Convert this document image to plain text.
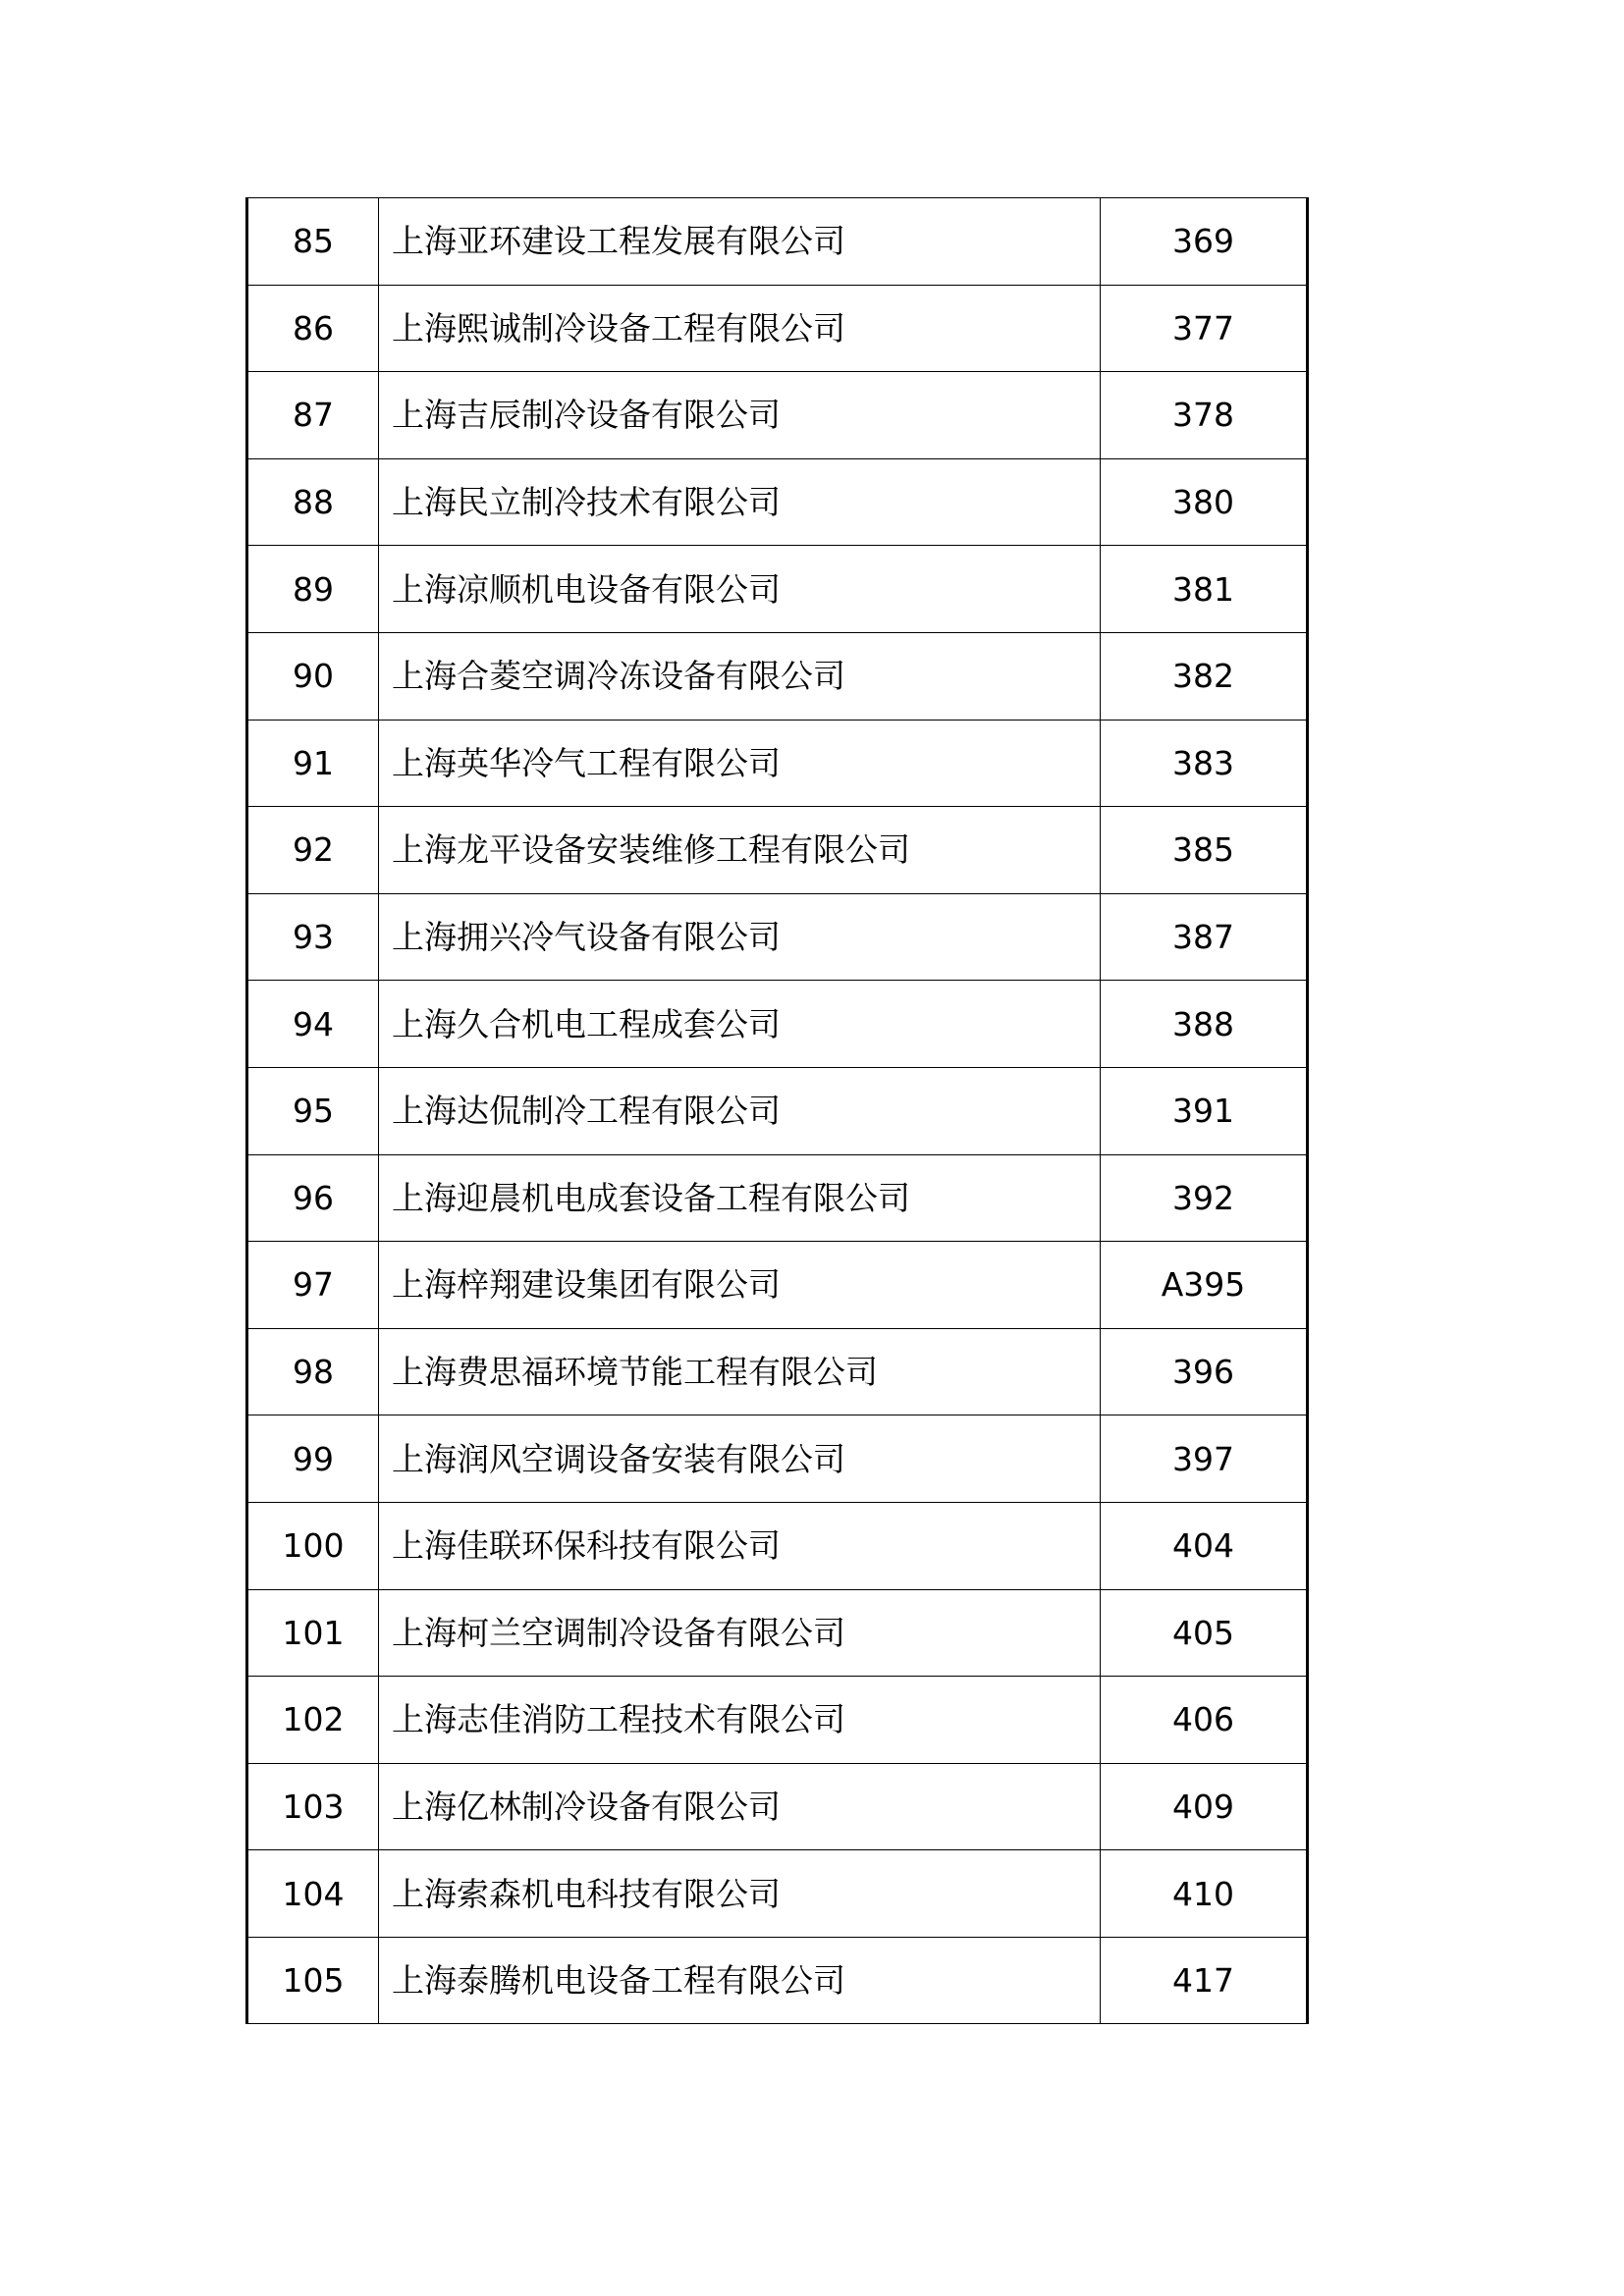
85	上海亚环建设工程发展有限公司	369
86	上海熙诚制冷设备工程有限公司	377
87	上海吉辰制冷设备有限公司	378
88	上海民立制冷技术有限公司	380
89	上海凉顺机电设备有限公司	381
90	上海合菱空调冷冻设备有限公司	382
91	上海英华冷气工程有限公司	383
92	上海龙平设备安装维修工程有限公司	385
93	上海拥兴冷气设备有限公司	387
94	上海久合机电工程成套公司	388
95	上海达侃制冷工程有限公司	391
96	上海迎晨机电成套设备工程有限公司	392
97	上海梓翔建设集团有限公司	A395
98	上海费思福环境节能工程有限公司	396
99	上海润风空调设备安装有限公司	397
100	上海佳联环保科技有限公司	404
101	上海柯兰空调制冷设备有限公司	405
102	上海志佳消防工程技术有限公司	406
103	上海亿林制冷设备有限公司	409
104	上海索森机电科技有限公司	410
105	上海泰腾机电设备工程有限公司	417
